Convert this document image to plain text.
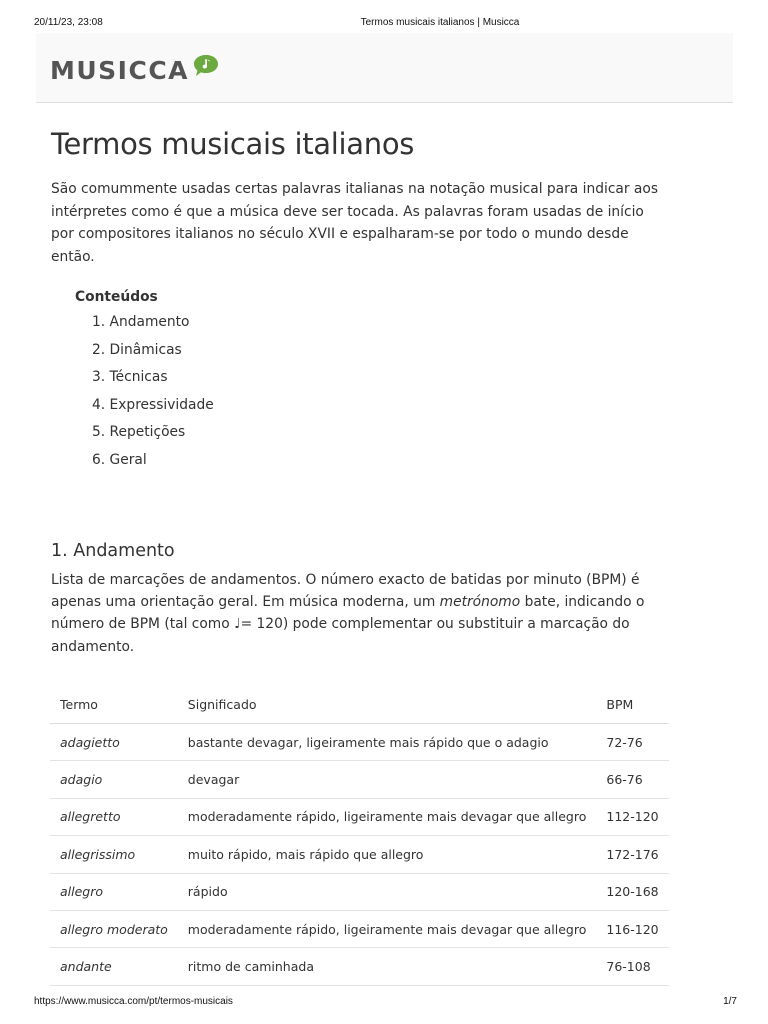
20/11/23, 23:08	Termos musicais italianos | Musicca
MUSICCA
Termos musicais italianos

São comummente usadas certas palavras italianas na notação musical para indicar aos intérpretes como é que a música deve ser tocada. As palavras foram usadas de início por compositores italianos no século XVII e espalharam-se por todo o mundo desde então.

Conteúdos

1. Andamento
2. Dinâmicas
3. Técnicas
4. Expressividade
5. Repetições
6. Geral
1. Andamento

Lista de marcações de andamentos. O número exacto de batidas por minuto (BPM) é apenas uma orientação geral. Em música moderna, um metrónomo bate, indicando o número de BPM (tal como ♩= 120) pode complementar ou substituir a marcação do andamento.

Termo	Significado	BPM
adagietto	bastante devagar, ligeiramente mais rápido que o adagio	72-76
adagio	devagar	66-76
allegretto	moderadamente rápido, ligeiramente mais devagar que allegro	112-120
allegrissimo	muito rápido, mais rápido que allegro	172-176
allegro	rápido	120-168
allegro moderato	moderadamente rápido, ligeiramente mais devagar que allegro	116-120
andante	ritmo de caminhada	76-108
https://www.musicca.com/pt/termos-musicais	1/7
